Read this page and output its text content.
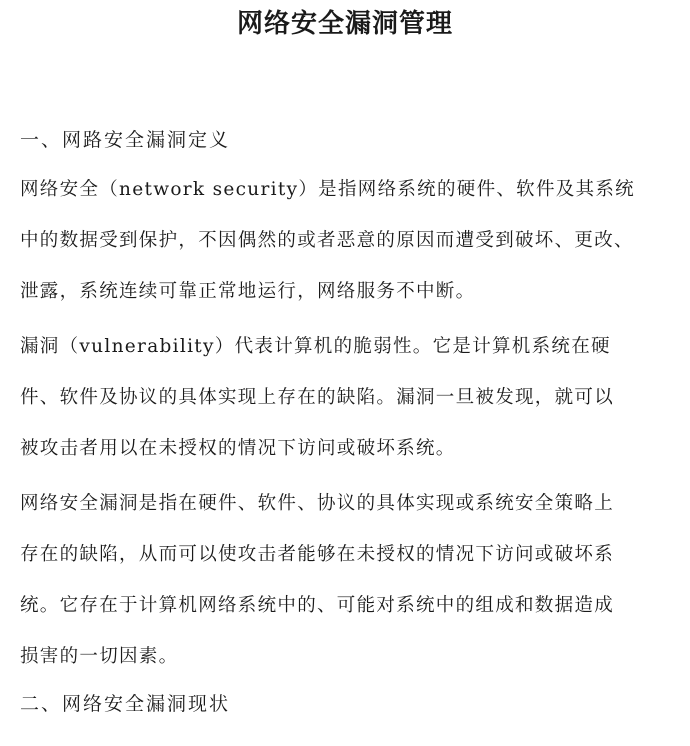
网络安全漏洞管理
一、网路安全漏洞定义
网络安全（network security）是指网络系统的硬件、软件及其系统
中的数据受到保护，不因偶然的或者恶意的原因而遭受到破坏、更改、
泄露，系统连续可靠正常地运行，网络服务不中断。
漏洞（vulnerability）代表计算机的脆弱性。它是计算机系统在硬
件、软件及协议的具体实现上存在的缺陷。漏洞一旦被发现，就可以
被攻击者用以在未授权的情况下访问或破坏系统。
网络安全漏洞是指在硬件、软件、协议的具体实现或系统安全策略上
存在的缺陷，从而可以使攻击者能够在未授权的情况下访问或破坏系
统。它存在于计算机网络系统中的、可能对系统中的组成和数据造成
损害的一切因素。
二、网络安全漏洞现状
